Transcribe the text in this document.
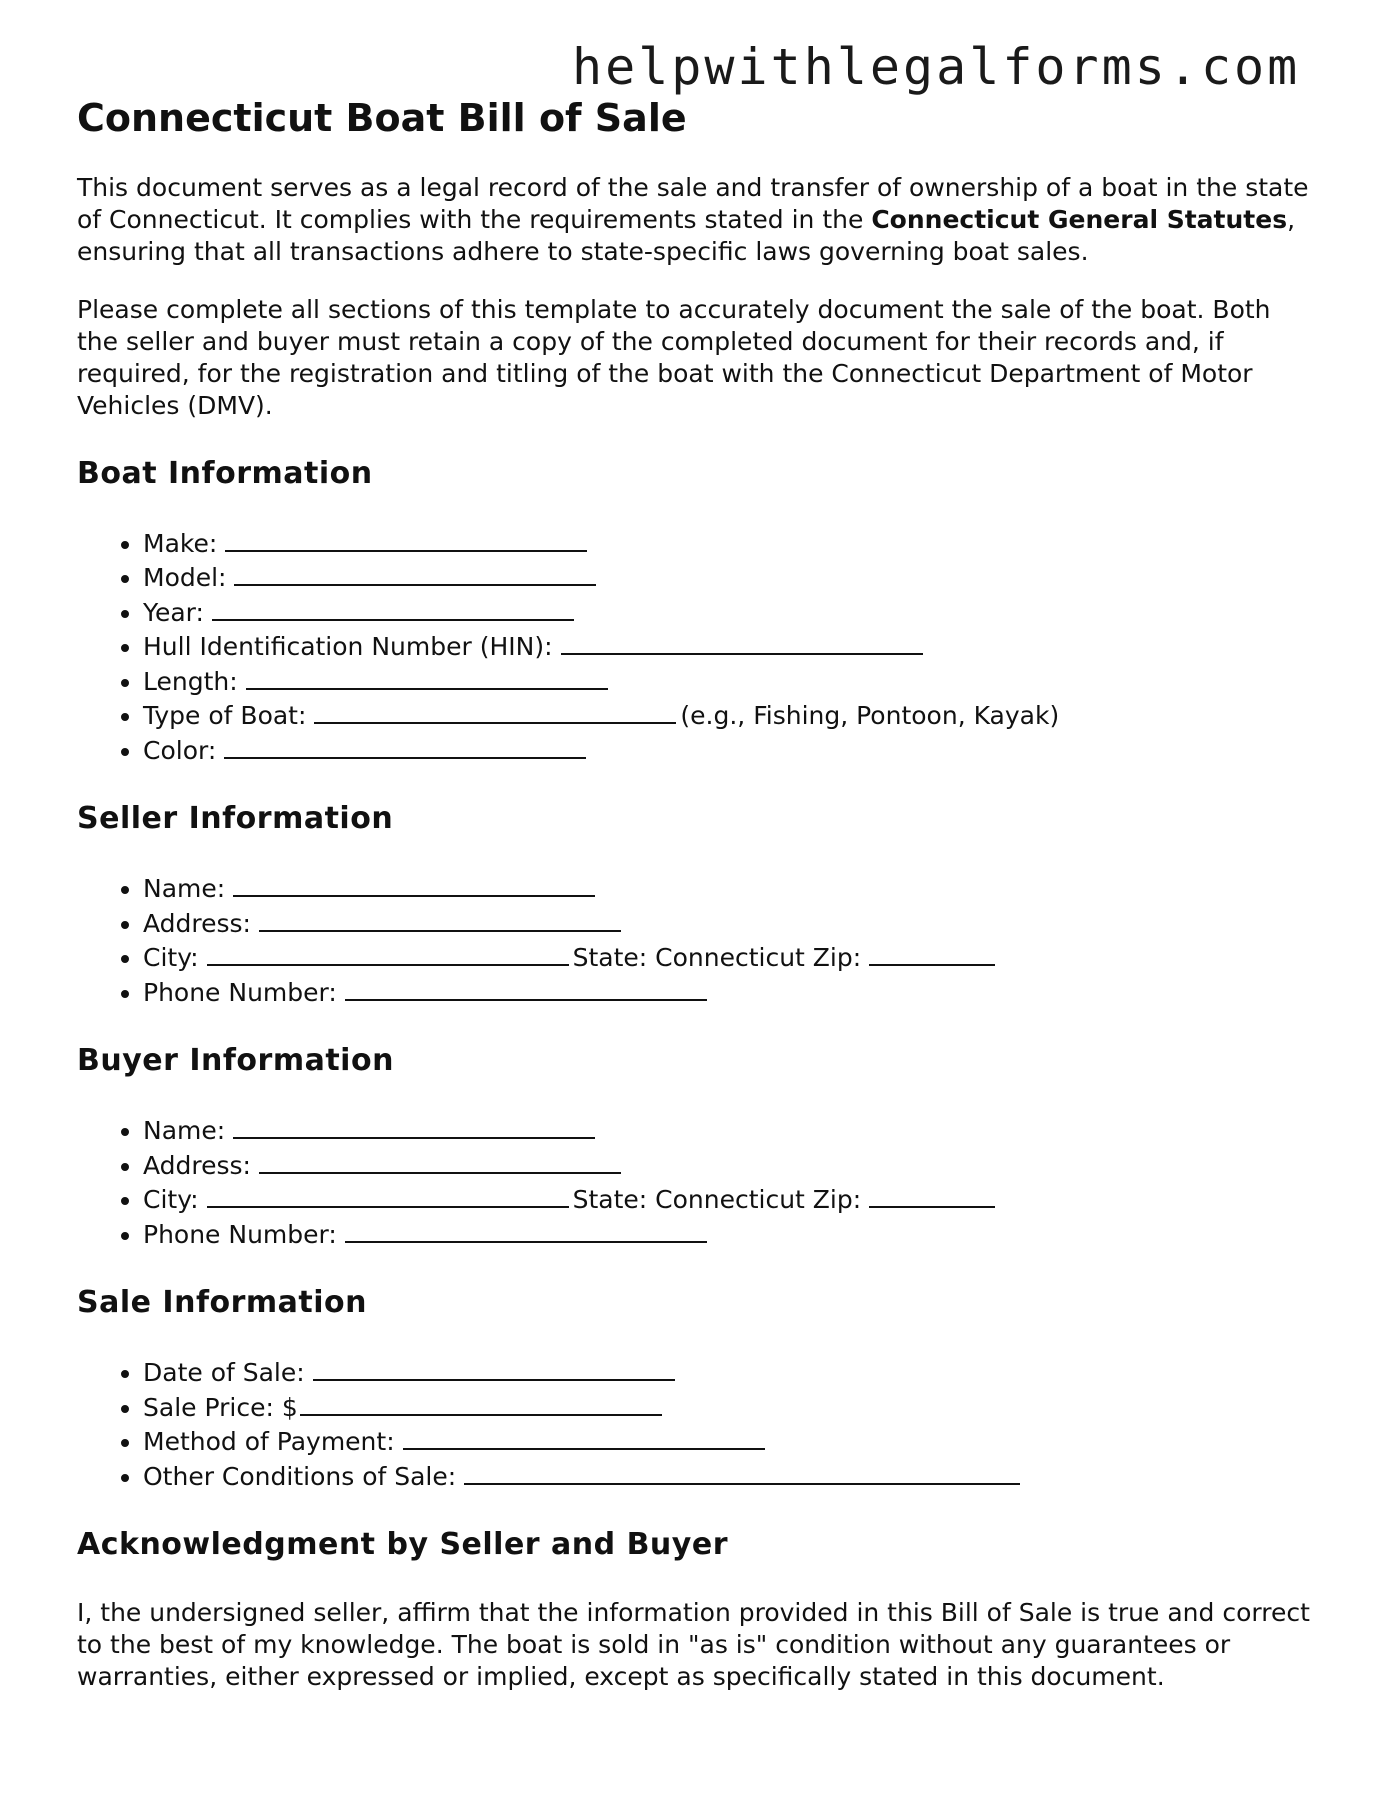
helpwithlegalforms.com
Connecticut Boat Bill of Sale

This document serves as a legal record of the sale and transfer of ownership of a boat in the state of Connecticut. It complies with the requirements stated in the Connecticut General Statutes, ensuring that all transactions adhere to state-specific laws governing boat sales.

Please complete all sections of this template to accurately document the sale of the boat. Both the seller and buyer must retain a copy of the completed document for their records and, if required, for the registration and titling of the boat with the Connecticut Department of Motor Vehicles (DMV).

Boat Information
• Make:
• Model:
• Year:
• Hull Identification Number (HIN):
• Length:
• Type of Boat:	(e.g., Fishing, Pontoon, Kayak)
• Color:
Seller Information
• Name:
• Address:
• City:	State: Connecticut Zip:
• Phone Number:
Buyer Information
• Name:
• Address:
• City:	State: Connecticut Zip:
• Phone Number:
Sale Information
• Date of Sale:
• Sale Price: $
• Method of Payment:
• Other Conditions of Sale:
Acknowledgment by Seller and Buyer

I, the undersigned seller, affirm that the information provided in this Bill of Sale is true and correct to the best of my knowledge. The boat is sold in "as is" condition without any guarantees or warranties, either expressed or implied, except as specifically stated in this document.
